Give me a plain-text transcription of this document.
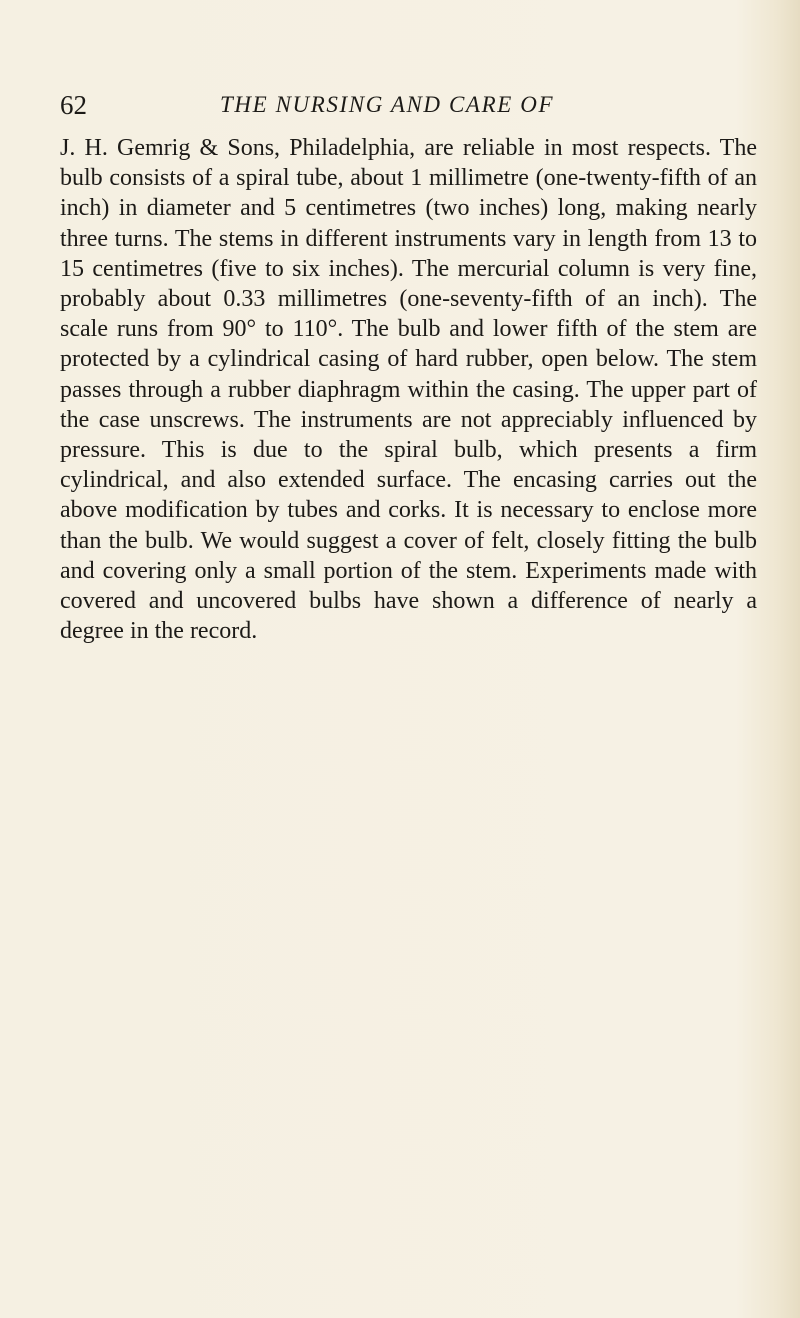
62	THE NURSING AND CARE OF

J. H. Gemrig & Sons, Philadelphia, are reliable in most respects. The bulb consists of a spiral tube, about 1 millimetre (one-twenty-fifth of an inch) in diameter and 5 centimetres (two inches) long, making nearly three turns. The stems in different instruments vary in length from 13 to 15 centimetres (five to six inches). The mercurial column is very fine, probably about 0.33 millimetres (one-seventy-fifth of an inch). The scale runs from 90° to 110°. The bulb and lower fifth of the stem are protected by a cylindrical casing of hard rubber, open below. The stem passes through a rubber diaphragm within the casing. The upper part of the case unscrews. The instruments are not appreciably influenced by pressure. This is due to the spiral bulb, which presents a firm cylindrical, and also extended surface. The encasing carries out the above modification by tubes and corks. It is necessary to enclose more than the bulb. We would suggest a cover of felt, closely fitting the bulb and covering only a small portion of the stem. Experiments made with covered and uncovered bulbs have shown a difference of nearly a degree in the record.
